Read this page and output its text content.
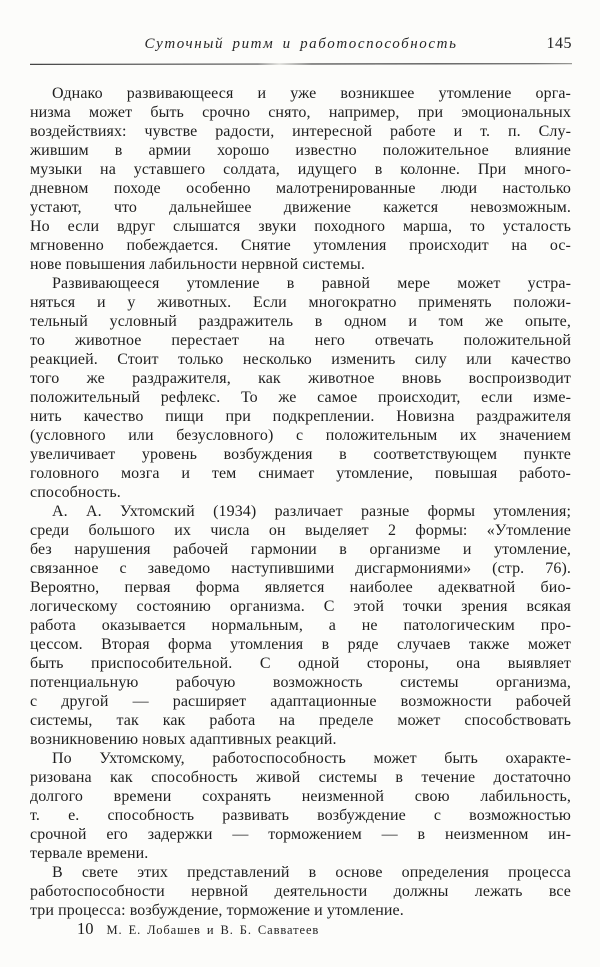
Суточный ритм и работоспособность	145
Однако развивающееся и уже возникшее утомление орга-
низма может быть срочно снято, например, при эмоциональных
воздействиях: чувстве радости, интересной работе и т. п. Слу-
жившим в армии хорошо известно положительное влияние
музыки на уставшего солдата, идущего в колонне. При много-
дневном походе особенно малотренированные люди настолько
устают, что дальнейшее движение кажется невозможным.
Но если вдруг слышатся звуки походного марша, то усталость
мгновенно побеждается. Снятие утомления происходит на ос-
нове повышения лабильности нервной системы.
Развивающееся утомление в равной мере может устра-
няться и у животных. Если многократно применять положи-
тельный условный раздражитель в одном и том же опыте,
то животное перестает на него отвечать положительной
реакцией. Стоит только несколько изменить силу или качество
того же раздражителя, как животное вновь воспроизводит
положительный рефлекс. То же самое происходит, если изме-
нить качество пищи при подкреплении. Новизна раздражителя
(условного или безусловного) с положительным их значением
увеличивает уровень возбуждения в соответствующем пункте
головного мозга и тем снимает утомление, повышая работо-
способность.
А. А. Ухтомский (1934) различает разные формы утомления;
среди большого их числа он выделяет 2 формы: «Утомление
без нарушения рабочей гармонии в организме и утомление,
связанное с заведомо наступившими дисгармониями» (стр. 76).
Вероятно, первая форма является наиболее адекватной био-
логическому состоянию организма. С этой точки зрения всякая
работа оказывается нормальным, а не патологическим про-
цессом. Вторая форма утомления в ряде случаев также может
быть приспособительной. С одной стороны, она выявляет
потенциальную рабочую возможность системы организма,
с другой — расширяет адаптационные возможности рабочей
системы, так как работа на пределе может способствовать
возникновению новых адаптивных реакций.
По Ухтомскому, работоспособность может быть охаракте-
ризована как способность живой системы в течение достаточно
долгого времени сохранять неизменной свою лабильность,
т. е. способность развивать возбуждение с возможностью
срочной его задержки — торможением — в неизменном ин-
тервале времени.
В свете этих представлений в основе определения процесса
работоспособности нервной деятельности должны лежать все
три процесса: возбуждение, торможение и утомление.
10 М. Е. Лобашев и В. Б. Савватеев
